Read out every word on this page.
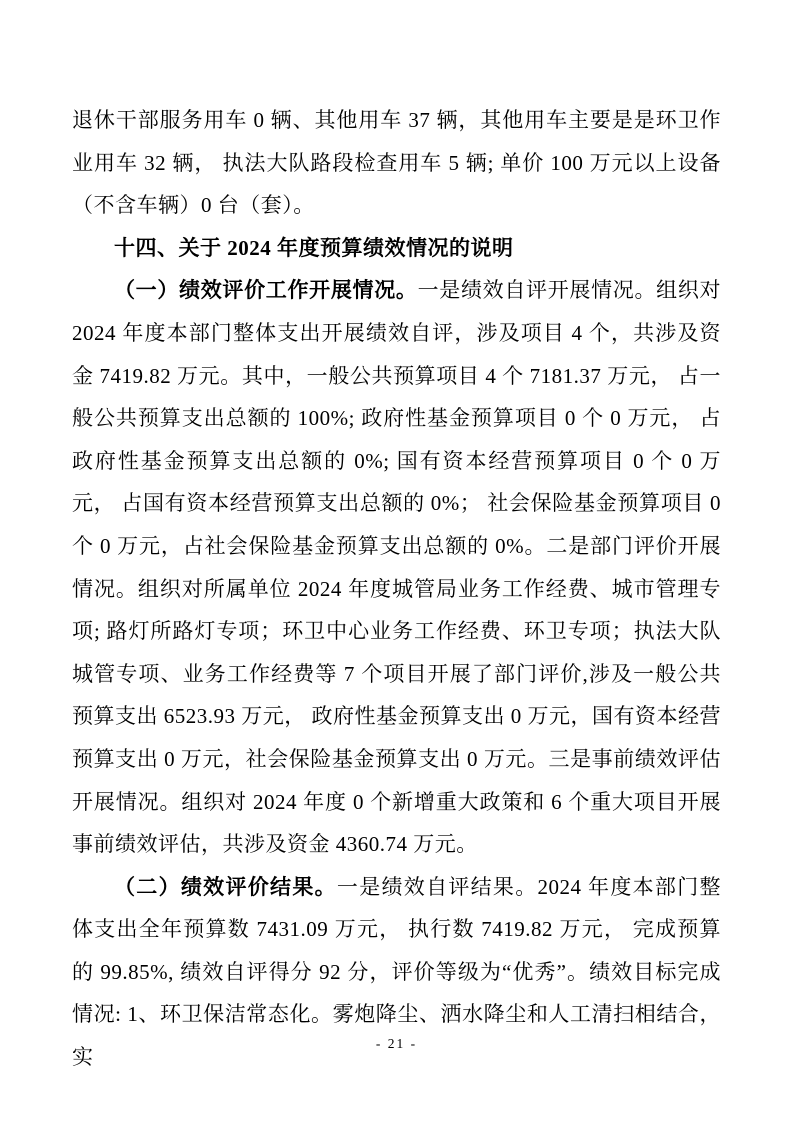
退休干部服务用车 0 辆、其他用车 37 辆，其他用车主要是是环卫作业用车 32 辆， 执法大队路段检查用车 5 辆; 单价 100 万元以上设备（不含车辆）0 台（套）。

十四、关于 2024 年度预算绩效情况的说明

（一）绩效评价工作开展情况。一是绩效自评开展情况。组织对 2024 年度本部门整体支出开展绩效自评，涉及项目 4 个，共涉及资金 7419.82 万元。其中，一般公共预算项目 4 个 7181.37 万元， 占一般公共预算支出总额的 100%; 政府性基金预算项目 0 个 0 万元， 占政府性基金预算支出总额的 0%; 国有资本经营预算项目 0 个 0 万元， 占国有资本经营预算支出总额的 0%； 社会保险基金预算项目 0 个 0 万元，占社会保险基金预算支出总额的 0%。二是部门评价开展情况。组织对所属单位 2024 年度城管局业务工作经费、城市管理专项; 路灯所路灯专项；环卫中心业务工作经费、环卫专项；执法大队城管专项、业务工作经费等 7 个项目开展了部门评价,涉及一般公共预算支出 6523.93 万元， 政府性基金预算支出 0 万元，国有资本经营预算支出 0 万元，社会保险基金预算支出 0 万元。三是事前绩效评估开展情况。组织对 2024 年度 0 个新增重大政策和 6 个重大项目开展事前绩效评估，共涉及资金 4360.74 万元。

（二）绩效评价结果。一是绩效自评结果。2024 年度本部门整体支出全年预算数 7431.09 万元， 执行数 7419.82 万元， 完成预算的 99.85%, 绩效自评得分 92 分，评价等级为“优秀”。绩效目标完成情况: 1、环卫保洁常态化。雾炮降尘、洒水降尘和人工清扫相结合，实

- 21 -
